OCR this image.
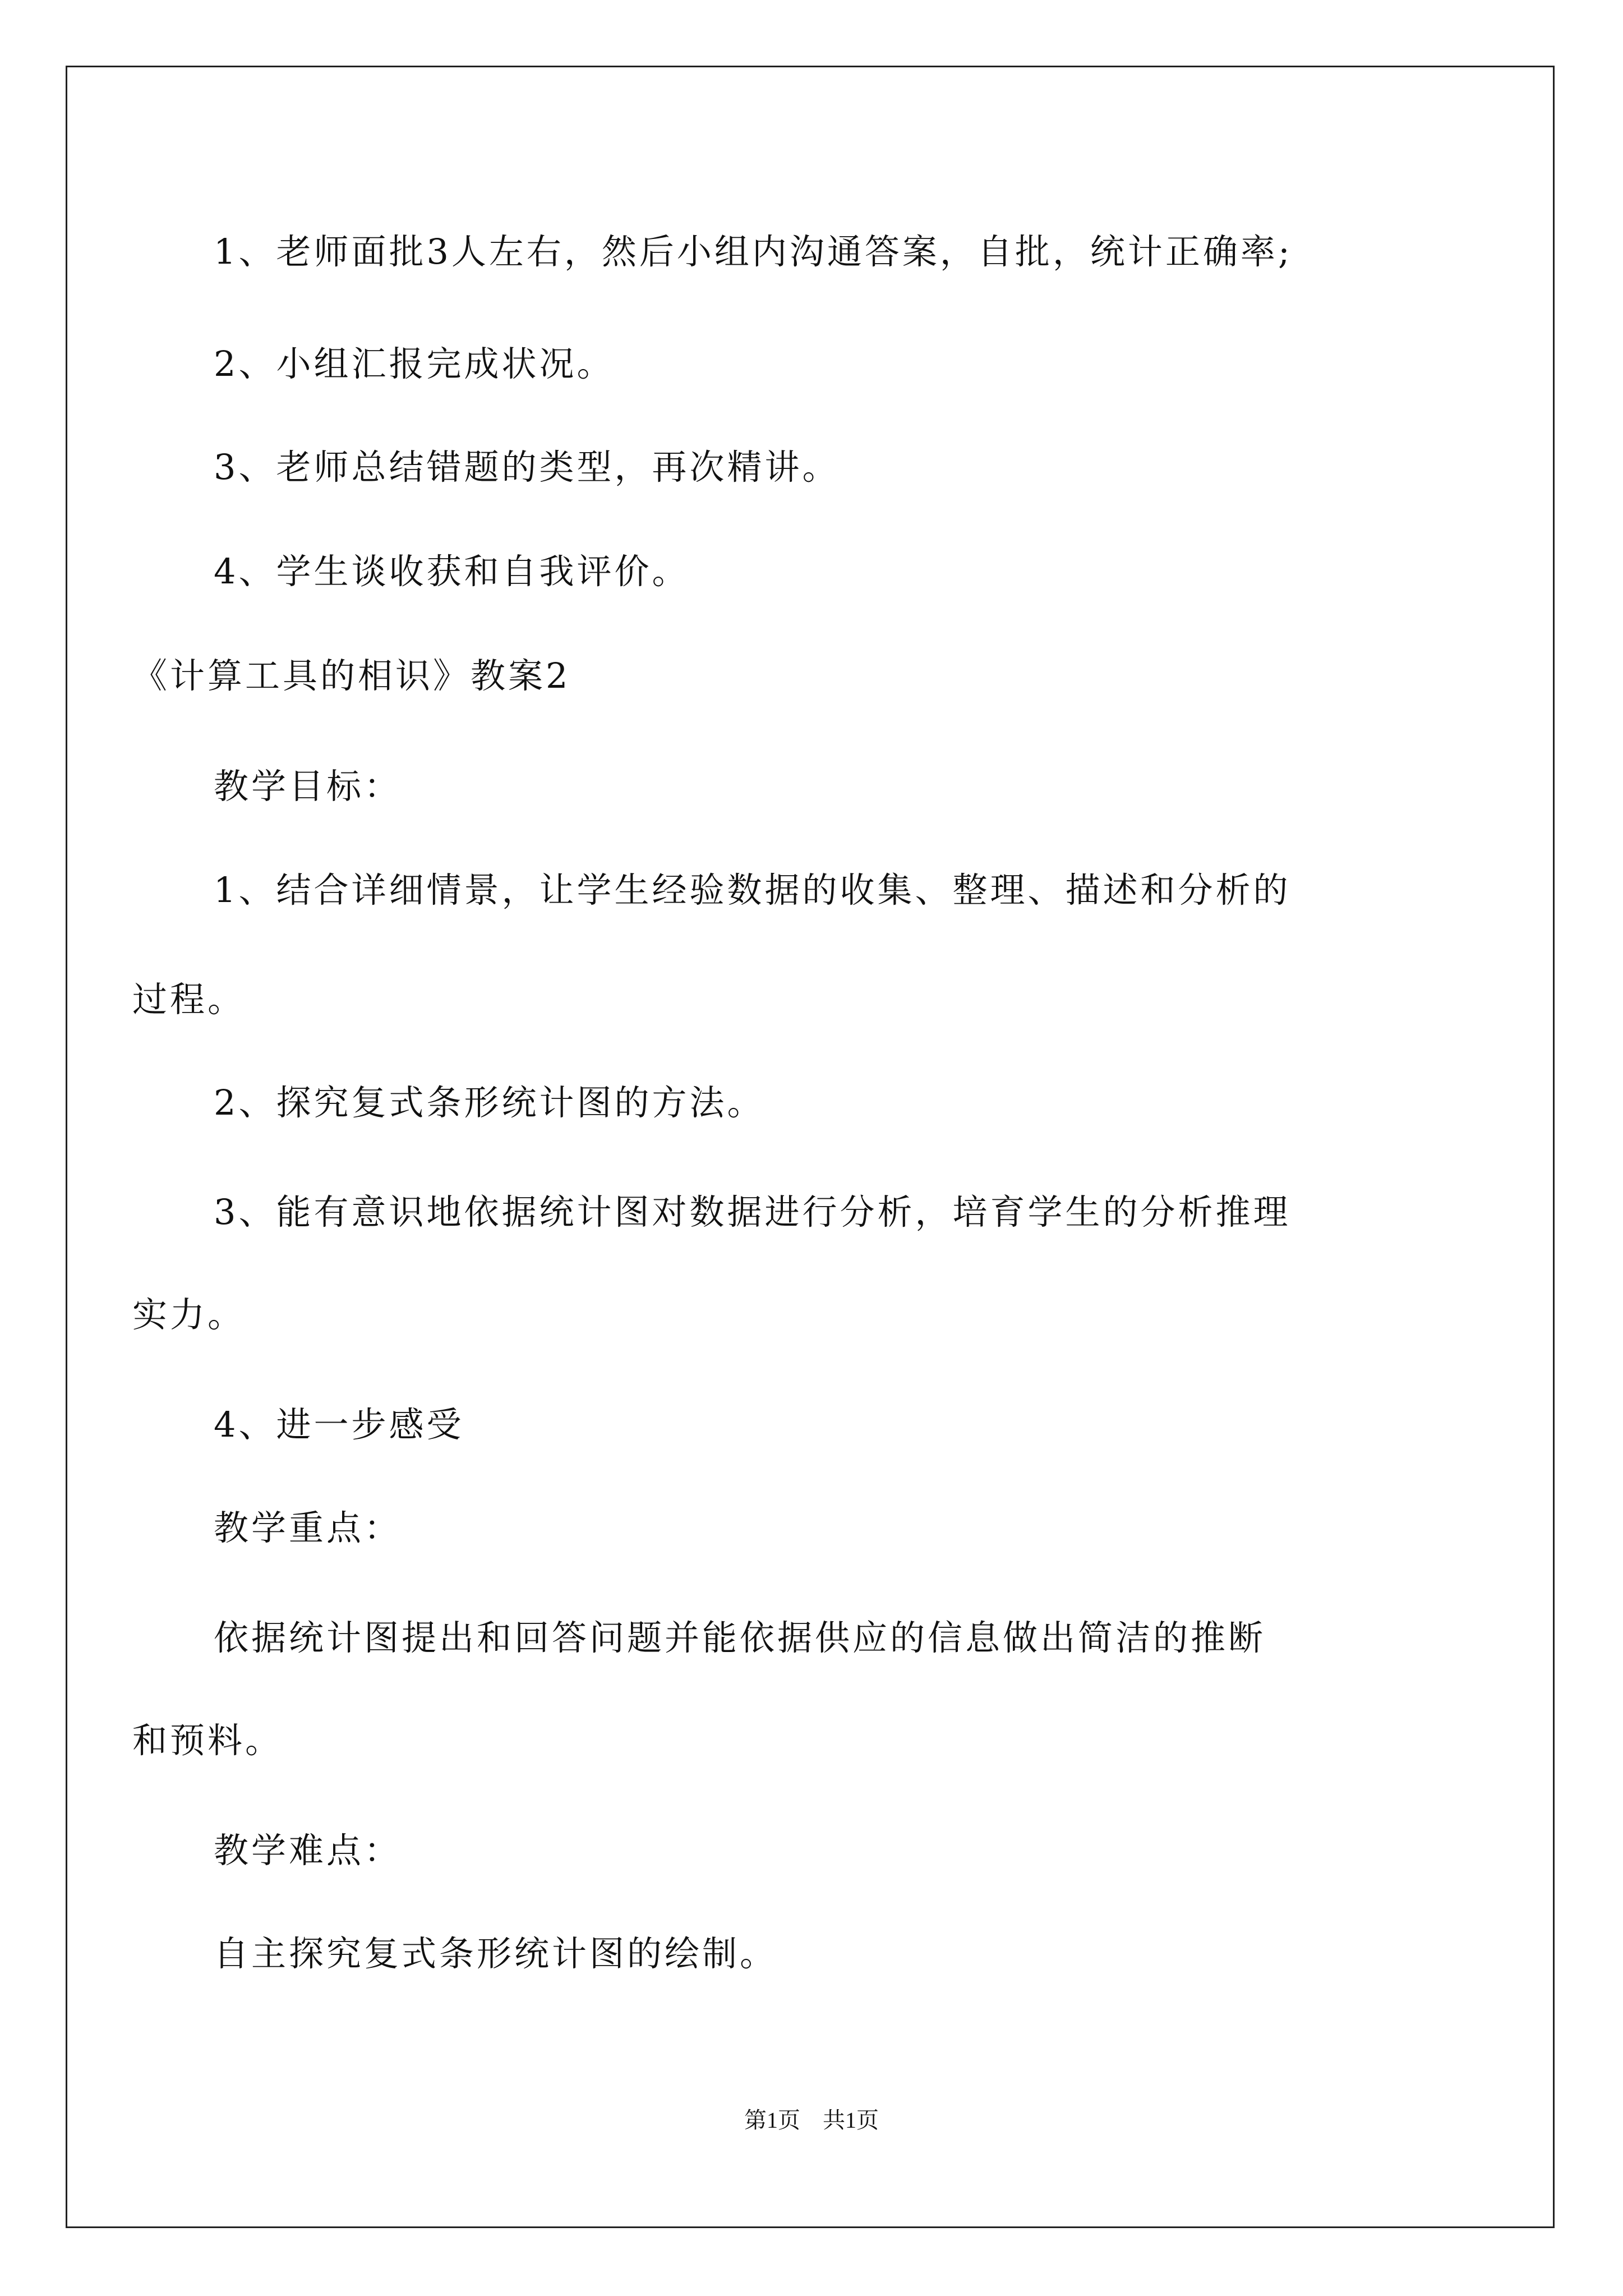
1、老师面批3人左右，然后小组内沟通答案，自批，统计正确率;
2、小组汇报完成状况。
3、老师总结错题的类型，再次精讲。
4、学生谈收获和自我评价。
《计算工具的相识》教案2
教学目标：
1、结合详细情景，让学生经验数据的收集、整理、描述和分析的
过程。
2、探究复式条形统计图的方法。
3、能有意识地依据统计图对数据进行分析，培育学生的分析推理
实力。
4、进一步感受
教学重点：
依据统计图提出和回答问题并能依据供应的信息做出简洁的推断
和预料。
教学难点：
自主探究复式条形统计图的绘制。
第1页　共1页
